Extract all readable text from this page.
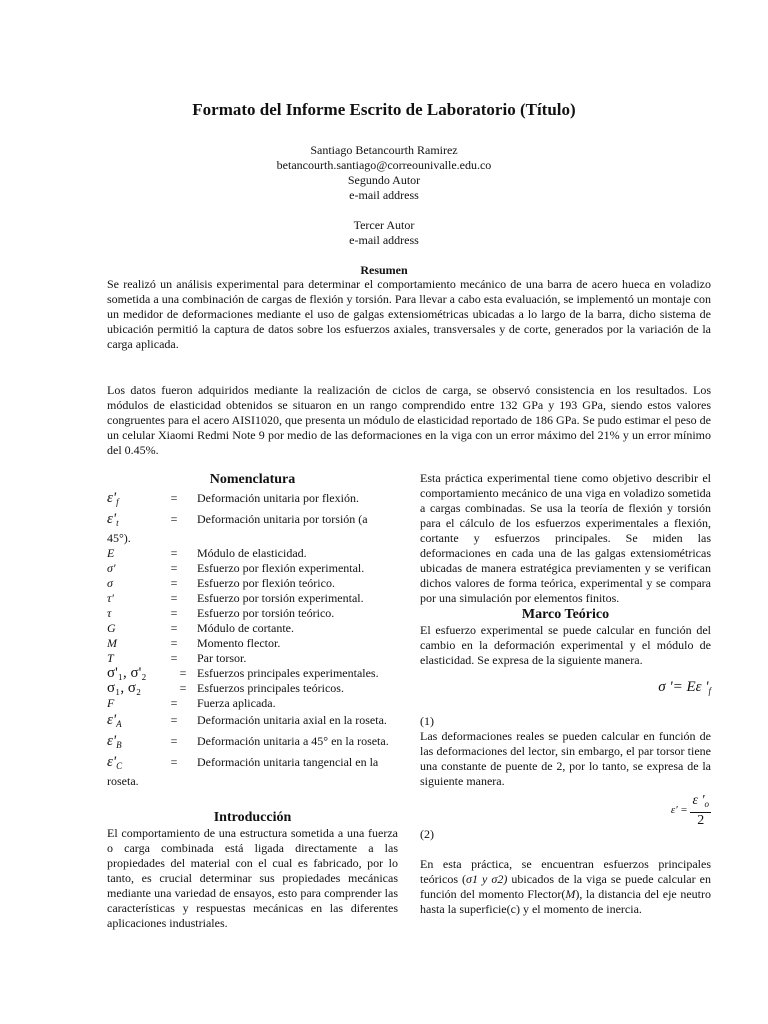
Formato del Informe Escrito de Laboratorio (Título)
Santiago Betancourth Ramirez
betancourth.santiago@correounivalle.edu.co
Segundo Autor
e-mail address
Tercer Autor
e-mail address
Resumen

Se realizó un análisis experimental para determinar el comportamiento mecánico de una barra de acero hueca en voladizo sometida a una combinación de cargas de flexión y torsión. Para llevar a cabo esta evaluación, se implementó un montaje con un medidor de deformaciones mediante el uso de galgas extensiométricas ubicadas a lo largo de la barra, dicho sistema de ubicación permitió la captura de datos sobre los esfuerzos axiales, transversales y de corte, generados por la variación de la carga aplicada.

Los datos fueron adquiridos mediante la realización de ciclos de carga, se observó consistencia en los resultados. Los módulos de elasticidad obtenidos se situaron en un rango comprendido entre 132 GPa y 193 GPa, siendo estos valores congruentes para el acero AISI1020, que presenta un módulo de elasticidad reportado de 186 GPa. Se pudo estimar el peso de un celular Xiaomi Redmi Note 9 por medio de las deformaciones en la viga con un error máximo del 21% y un error mínimo del 0.45%.

Nomenclatura
$\varepsilon'_f$	=	Deformación unitaria por flexión.
$\varepsilon'_t$	=	Deformación unitaria por torsión (a
45°).
E	=	Módulo de elasticidad.
σ'	=	Esfuerzo por flexión experimental.
σ	=	Esfuerzo por flexión teórico.
τ'	=	Esfuerzo por torsión experimental.
τ	=	Esfuerzo por torsión teórico.
G	=	Módulo de cortante.
M	=	Momento flector.
T	=	Par torsor.
σ'₁, σ'₂	= Esfuerzos principales experimentales.
σ₁, σ₂	= Esfuerzos principales teóricos.
F	=	Fuerza aplicada.
$\varepsilon'_A$	=	Deformación unitaria axial en la roseta.
$\varepsilon'_B$	=	Deformación unitaria a 45° en la roseta.
$\varepsilon'_C$	=	Deformación unitaria tangencial en la
roseta.
Introducción

El comportamiento de una estructura sometida a una fuerza o carga combinada está ligada directamente a las propiedades del material con el cual es fabricado, por lo tanto, es crucial determinar sus propiedades mecánicas mediante una variedad de ensayos, esto para comprender las características y respuestas mecánicas en las diferentes aplicaciones industriales.

Esta práctica experimental tiene como objetivo describir el comportamiento mecánico de una viga en voladizo sometida a cargas combinadas. Se usa la teoría de flexión y torsión para el cálculo de los esfuerzos experimentales a flexión, cortante y esfuerzos principales. Se miden las deformaciones en cada una de las galgas extensiométricas ubicadas de manera estratégica previamenten y se verifican dichos valores de forma teórica, experimental y se compara por una simulación por elementos finitos.

Marco Teórico

El esfuerzo experimental se puede calcular en función del cambio en la deformación experimental y el módulo de elasticidad. Se expresa de la siguiente manera.

σ '= Eε '$_f$
(1)

Las deformaciones reales se pueden calcular en función de las deformaciones del lector, sin embargo, el par torsor tiene una constante de puente de 2, por lo tanto, se expresa de la siguiente manera.

$\varepsilon' = \frac{\varepsilon '_o}{2}$
(2)

En esta práctica, se encuentran esfuerzos principales teóricos (σ1 y σ2) ubicados de la viga se puede calcular en función del momento Flector(M), la distancia del eje neutro hasta la superficie(c) y el momento de inercia.
